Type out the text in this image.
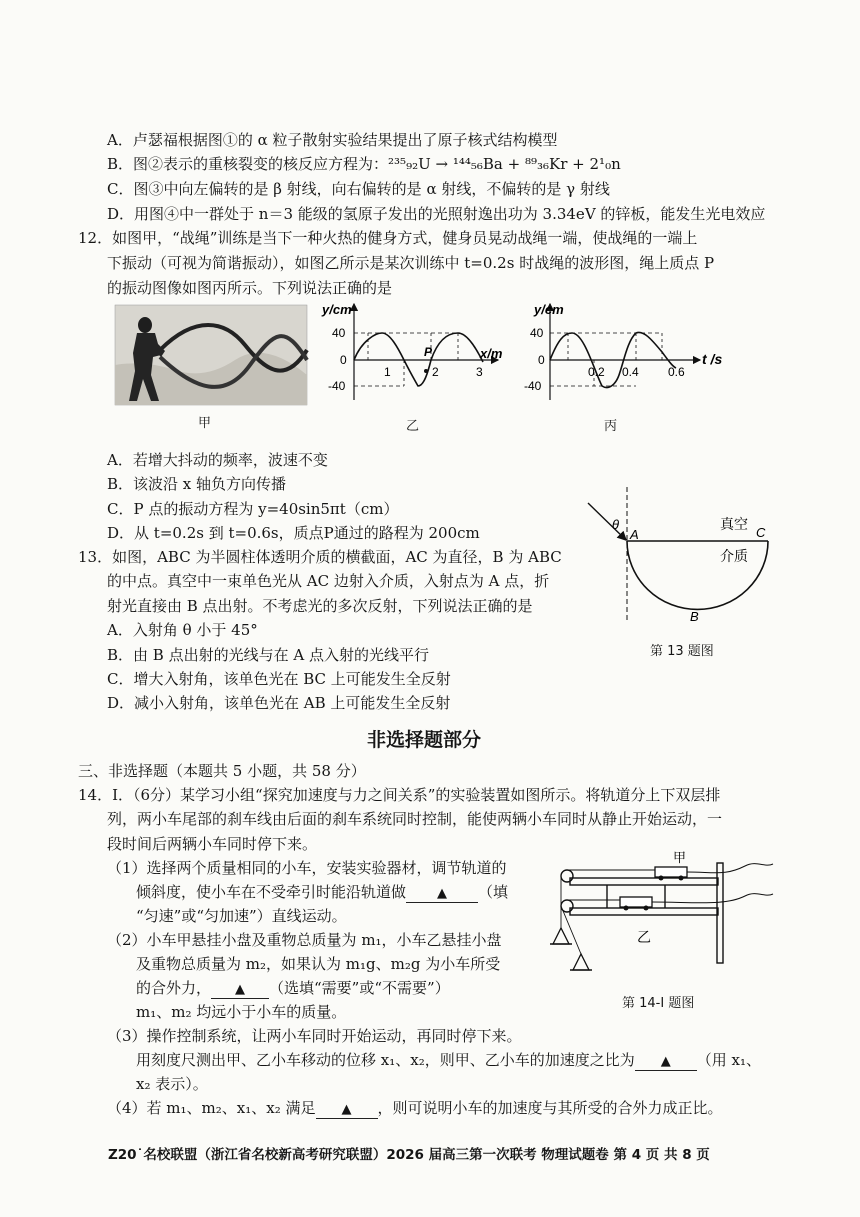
A．卢瑟福根据图①的 α 粒子散射实验结果提出了原子核式结构模型
B．图②表示的重核裂变的核反应方程为：²³⁵₉₂U → ¹⁴⁴₅₆Ba + ⁸⁹₃₆Kr + 2¹₀n
C．图③中向左偏转的是 β 射线，向右偏转的是 α 射线，不偏转的是 γ 射线
D．用图④中一群处于 n＝3 能级的氢原子发出的光照射逸出功为 3.34eV 的锌板，能发生光电效应
12．如图甲，“战绳”训练是当下一种火热的健身方式，健身员晃动战绳一端，使战绳的一端上
下振动（可视为简谐振动），如图乙所示是某次训练中 t=0.2s 时战绳的波形图，绳上质点 P
的振动图像如图丙所示。下列说法正确的是
甲
y/cm
40
0
-40
1	2	3
x/m
P
乙
y/cm
40
0
-40
0.2 0.4 0.6
t /s
丙
A．若增大抖动的频率，波速不变
B．该波沿 x 轴负方向传播
C．P 点的振动方程为 y=40sin5πt（cm）
D．从 t=0.2s 到 t=0.6s，质点P通过的路程为 200cm
13．如图，ABC 为半圆柱体透明介质的横截面，AC 为直径，B 为 ABC
的中点。真空中一束单色光从 AC 边射入介质，入射点为 A 点，折
射光直接由 B 点出射。不考虑光的多次反射，下列说法正确的是
A．入射角 θ 小于 45°
B．由 B 点出射的光线与在 A 点入射的光线平行
C．增大入射角，该单色光在 BC 上可能发生全反射
D．减小入射角，该单色光在 AB 上可能发生全反射
θ
A	C
B
真空
介质
第 13 题图
非选择题部分
三、非选择题（本题共 5 小题，共 58 分）
14．I．（6分）某学习小组“探究加速度与力之间关系”的实验装置如图所示。将轨道分上下双层排
列，两小车尾部的刹车线由后面的刹车系统同时控制，能使两辆小车同时从静止开始运动，一
段时间后两辆小车同时停下来。
（1）选择两个质量相同的小车，安装实验器材，调节轨道的
倾斜度，使小车在不受牵引时能沿轨道做 ▲ （填
“匀速”或“匀加速”）直线运动。
（2）小车甲悬挂小盘及重物总质量为 m₁，小车乙悬挂小盘
及重物总质量为 m₂，如果认为 m₁g、m₂g 为小车所受
的合外力， ▲ （选填“需要”或“不需要”）
m₁、m₂ 均远小于小车的质量。
（3）操作控制系统，让两小车同时开始运动，再同时停下来。
用刻度尺测出甲、乙小车移动的位移 x₁、x₂，则甲、乙小车的加速度之比为 ▲ （用 x₁、
x₂ 表示）。
（4）若 m₁、m₂、x₁、x₂ 满足 ▲ ，则可说明小车的加速度与其所受的合外力成正比。
甲
乙
第 14-I 题图
Z20˙名校联盟（浙江省名校新高考研究联盟）2026 届高三第一次联考 物理试题卷 第 4 页 共 8 页
